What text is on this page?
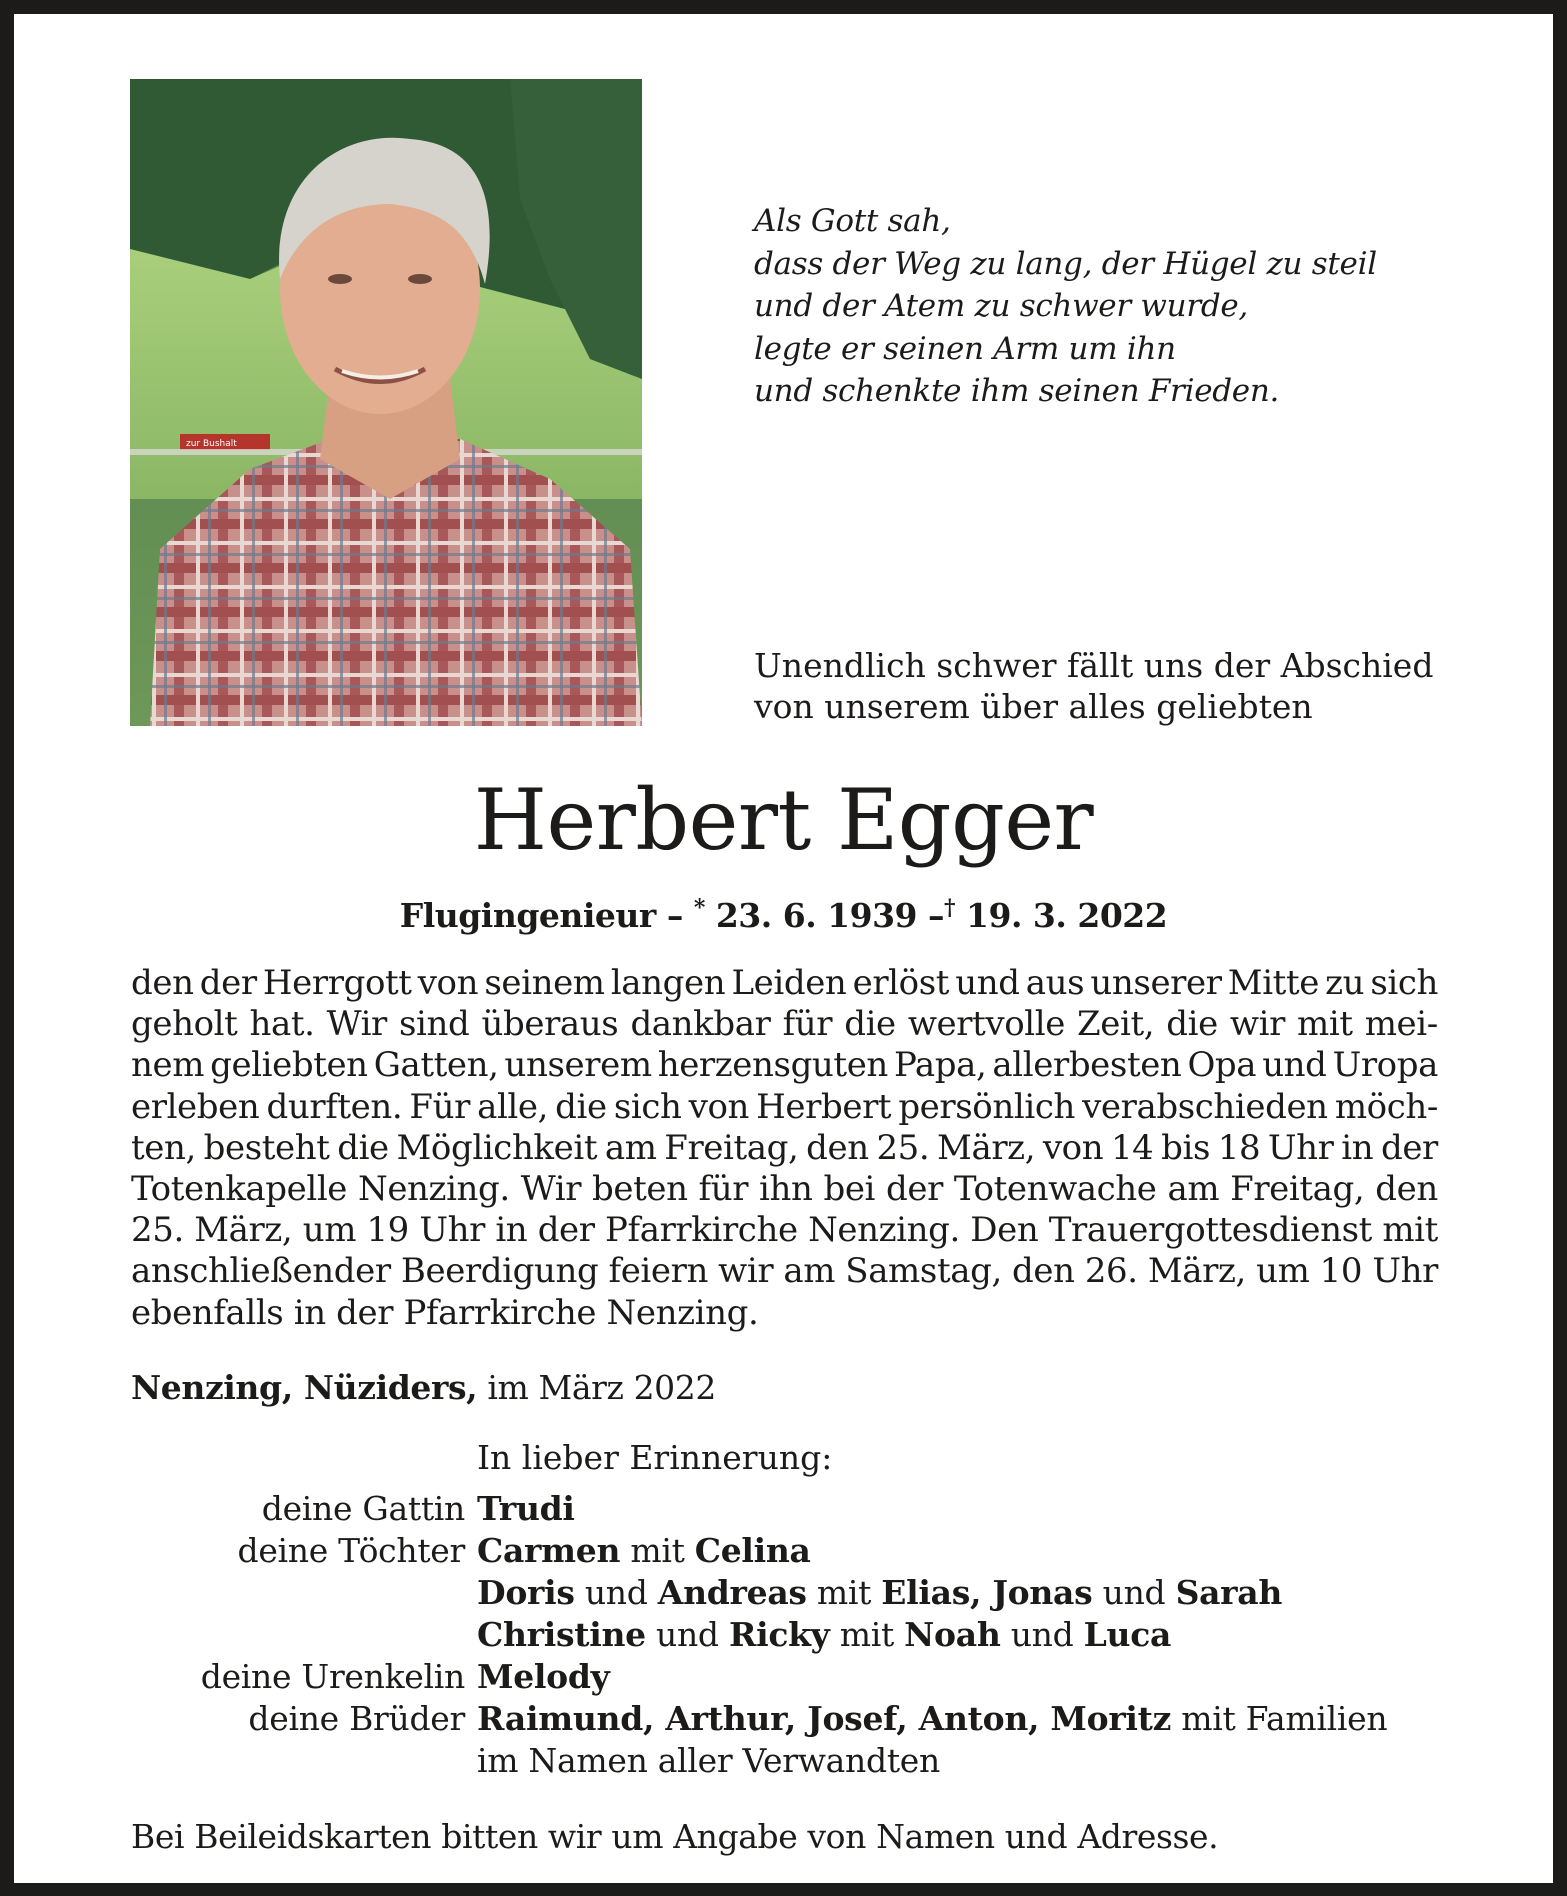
zur Bushalt
Als Gott sah,
dass der Weg zu lang, der Hügel zu steil
und der Atem zu schwer wurde,
legte er seinen Arm um ihn
und schenkte ihm seinen Frieden.
Unendlich schwer fällt uns der Abschied
von unserem über alles geliebten
Herbert Egger
Flugingenieur – * 23. 6. 1939 –† 19. 3. 2022
den der Herrgott von seinem langen Leiden erlöst und aus unserer Mitte zu sich
geholt hat. Wir sind überaus dankbar für die wertvolle Zeit, die wir mit mei-
nem geliebten Gatten, unserem herzensguten Papa, allerbesten Opa und Uropa
erleben durften. Für alle, die sich von Herbert persönlich verabschieden möch-
ten, besteht die Möglichkeit am Freitag, den 25. März, von 14 bis 18 Uhr in der
Totenkapelle Nenzing. Wir beten für ihn bei der Totenwache am Freitag, den
25. März, um 19 Uhr in der Pfarrkirche Nenzing. Den Trauergottesdienst mit
anschließender Beerdigung feiern wir am Samstag, den 26. März, um 10 Uhr
ebenfalls in der Pfarrkirche Nenzing.
Nenzing, Nüziders, im März 2022
In lieber Erinnerung:
deine Gattin Trudi
deine Töchter Carmen mit Celina
Doris und Andreas mit Elias, Jonas und Sarah
Christine und Ricky mit Noah und Luca
deine Urenkelin Melody
deine Brüder Raimund, Arthur, Josef, Anton, Moritz mit Familien
im Namen aller Verwandten
Bei Beileidskarten bitten wir um Angabe von Namen und Adresse.
